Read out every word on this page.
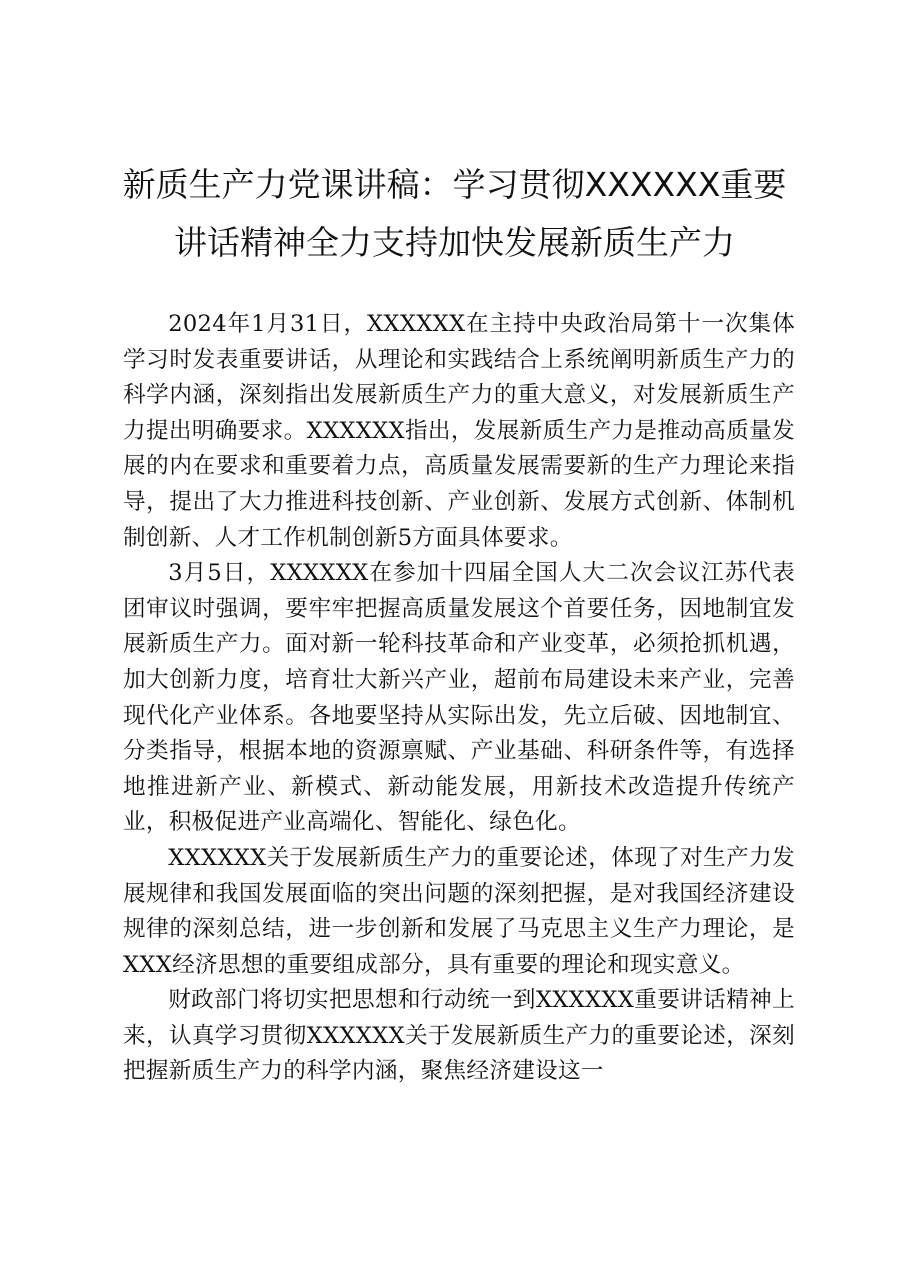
新质生产力党课讲稿：学习贯彻XXXXXX重要讲话精神全力支持加快发展新质生产力

2024年1月31日，XXXXXX在主持中央政治局第十一次集体学习时发表重要讲话，从理论和实践结合上系统阐明新质生产力的科学内涵，深刻指出发展新质生产力的重大意义，对发展新质生产力提出明确要求。XXXXXX指出，发展新质生产力是推动高质量发展的内在要求和重要着力点，高质量发展需要新的生产力理论来指导，提出了大力推进科技创新、产业创新、发展方式创新、体制机制创新、人才工作机制创新5方面具体要求。

3月5日，XXXXXX在参加十四届全国人大二次会议江苏代表团审议时强调，要牢牢把握高质量发展这个首要任务，因地制宜发展新质生产力。面对新一轮科技革命和产业变革，必须抢抓机遇，加大创新力度，培育壮大新兴产业，超前布局建设未来产业，完善现代化产业体系。各地要坚持从实际出发，先立后破、因地制宜、分类指导，根据本地的资源禀赋、产业基础、科研条件等，有选择地推进新产业、新模式、新动能发展，用新技术改造提升传统产业，积极促进产业高端化、智能化、绿色化。

XXXXXX关于发展新质生产力的重要论述，体现了对生产力发展规律和我国发展面临的突出问题的深刻把握，是对我国经济建设规律的深刻总结，进一步创新和发展了马克思主义生产力理论，是XXX经济思想的重要组成部分，具有重要的理论和现实意义。

财政部门将切实把思想和行动统一到XXXXXX重要讲话精神上来，认真学习贯彻XXXXXX关于发展新质生产力的重要论述，深刻把握新质生产力的科学内涵，聚焦经济建设这一
